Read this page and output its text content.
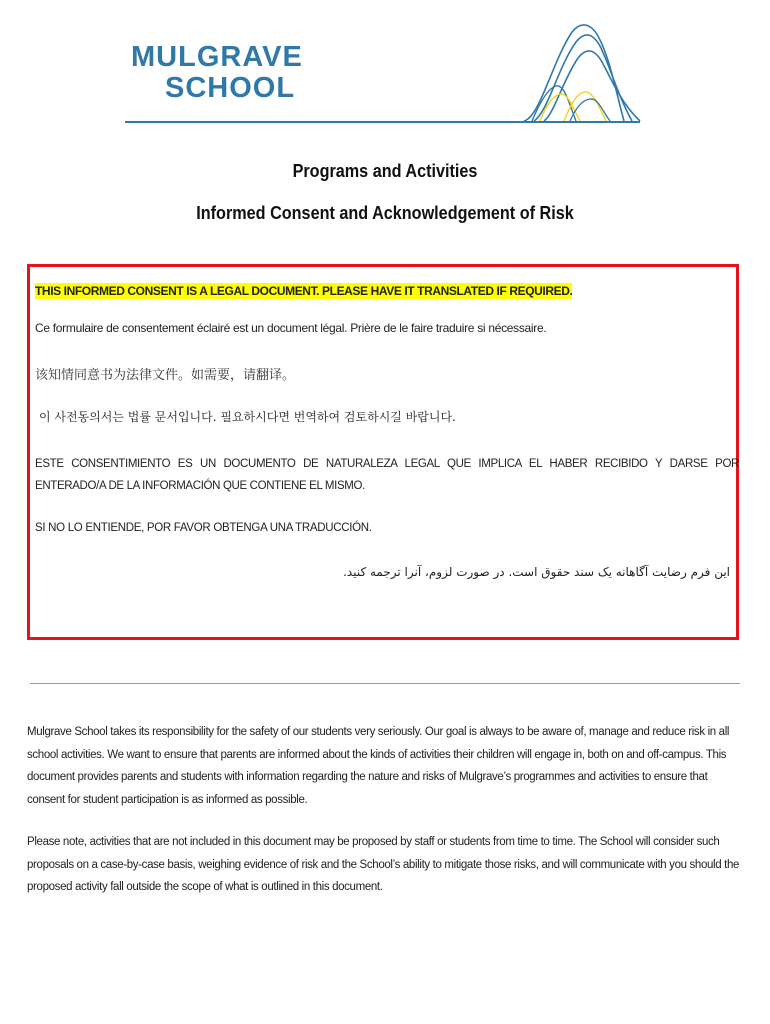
MULGRAVE
SCHOOL
Programs and Activities
Informed Consent and Acknowledgement of Risk
THIS INFORMED CONSENT IS A LEGAL DOCUMENT. PLEASE HAVE IT TRANSLATED IF REQUIRED.
Ce formulaire de consentement éclairé est un document légal. Prière de le faire traduire si nécessaire.
该知情同意书为法律文件。如需要，请翻译。
이 사전동의서는 법률 문서입니다. 필요하시다면 번역하여 검토하시길 바랍니다.
ESTE CONSENTIMIENTO ES UN DOCUMENTO DE NATURALEZA LEGAL QUE IMPLICA EL HABER RECIBIDO Y DARSE POR ENTERADO/A DE LA INFORMACIÓN QUE CONTIENE EL MISMO.
SI NO LO ENTIENDE, POR FAVOR OBTENGA UNA TRADUCCIÓN.
این فرم رضایت آگاهانه یک سند حقوق است. در صورت لزوم، آنرا ترجمه کنید.
Mulgrave School takes its responsibility for the safety of our students very seriously. Our goal is always to be aware of, manage and reduce risk in all school activities. We want to ensure that parents are informed about the kinds of activities their children will engage in, both on and off-campus. This document provides parents and students with information regarding the nature and risks of Mulgrave’s programmes and activities to ensure that consent for student participation is as informed as possible.
Please note, activities that are not included in this document may be proposed by staff or students from time to time. The School will consider such proposals on a case-by-case basis, weighing evidence of risk and the School’s ability to mitigate those risks, and will communicate with you should the proposed activity fall outside the scope of what is outlined in this document.
